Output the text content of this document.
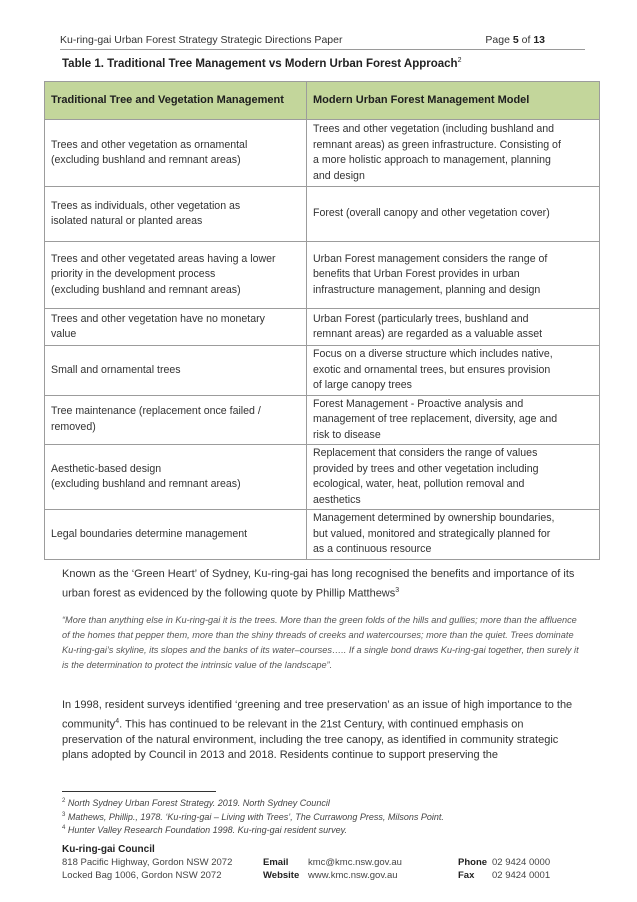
Ku-ring-gai Urban Forest Strategy Strategic Directions Paper	Page 5 of 13
Table 1. Traditional Tree Management vs Modern Urban Forest Approach$^2$
Traditional Tree and Vegetation Management	Modern Urban Forest Management Model

Trees and other vegetation as ornamental
(excluding bushland and remnant areas)	Trees and other vegetation (including bushland and
remnant areas) as green infrastructure. Consisting of
a more holistic approach to management, planning
and design

Trees as individuals, other vegetation as
isolated natural or planted areas	Forest (overall canopy and other vegetation cover)

Trees and other vegetated areas having a lower
priority in the development process
(excluding bushland and remnant areas)	Urban Forest management considers the range of
benefits that Urban Forest provides in urban
infrastructure management, planning and design

Trees and other vegetation have no monetary
value	Urban Forest (particularly trees, bushland and
remnant areas) are regarded as a valuable asset

Small and ornamental trees	Focus on a diverse structure which includes native,
exotic and ornamental trees, but ensures provision
of large canopy trees

Tree maintenance (replacement once failed /
removed)	Forest Management - Proactive analysis and
management of tree replacement, diversity, age and
risk to disease

Aesthetic-based design
(excluding bushland and remnant areas)	Replacement that considers the range of values
provided by trees and other vegetation including
ecological, water, heat, pollution removal and
aesthetics

Legal boundaries determine management	Management determined by ownership boundaries,
but valued, monitored and strategically planned for
as a continuous resource
Known as the ‘Green Heart’ of Sydney, Ku-ring-gai has long recognised the benefits and importance of its urban forest as evidenced by the following quote by Phillip Matthews$^3$
“More than anything else in Ku-ring-gai it is the trees. More than the green folds of the hills and gullies; more than the affluence of the homes that pepper them, more than the shiny threads of creeks and watercourses; more than the quiet. Trees dominate Ku-ring-gai’s skyline, its slopes and the banks of its water–courses….. If a single bond draws Ku-ring-gai together, then surely it is the determination to protect the intrinsic value of the landscape”.
In 1998, resident surveys identified ‘greening and tree preservation’ as an issue of high importance to the community$^4$. This has continued to be relevant in the 21st Century, with continued emphasis on preservation of the natural environment, including the tree canopy, as identified in community strategic plans adopted by Council in 2013 and 2018. Residents continue to support preserving the
$^2$ North Sydney Urban Forest Strategy. 2019. North Sydney Council
$^3$ Mathews, Phillip., 1978. ‘Ku-ring-gai – Living with Trees’, The Currawong Press, Milsons Point.
$^4$ Hunter Valley Research Foundation 1998. Ku-ring-gai resident survey.
Ku-ring-gai Council
818 Pacific Highway, Gordon NSW 2072
Locked Bag 1006, Gordon NSW 2072
Email kmc@kmc.nsw.gov.au
Website www.kmc.nsw.gov.au
Phone 02 9424 0000
Fax 02 9424 0001
